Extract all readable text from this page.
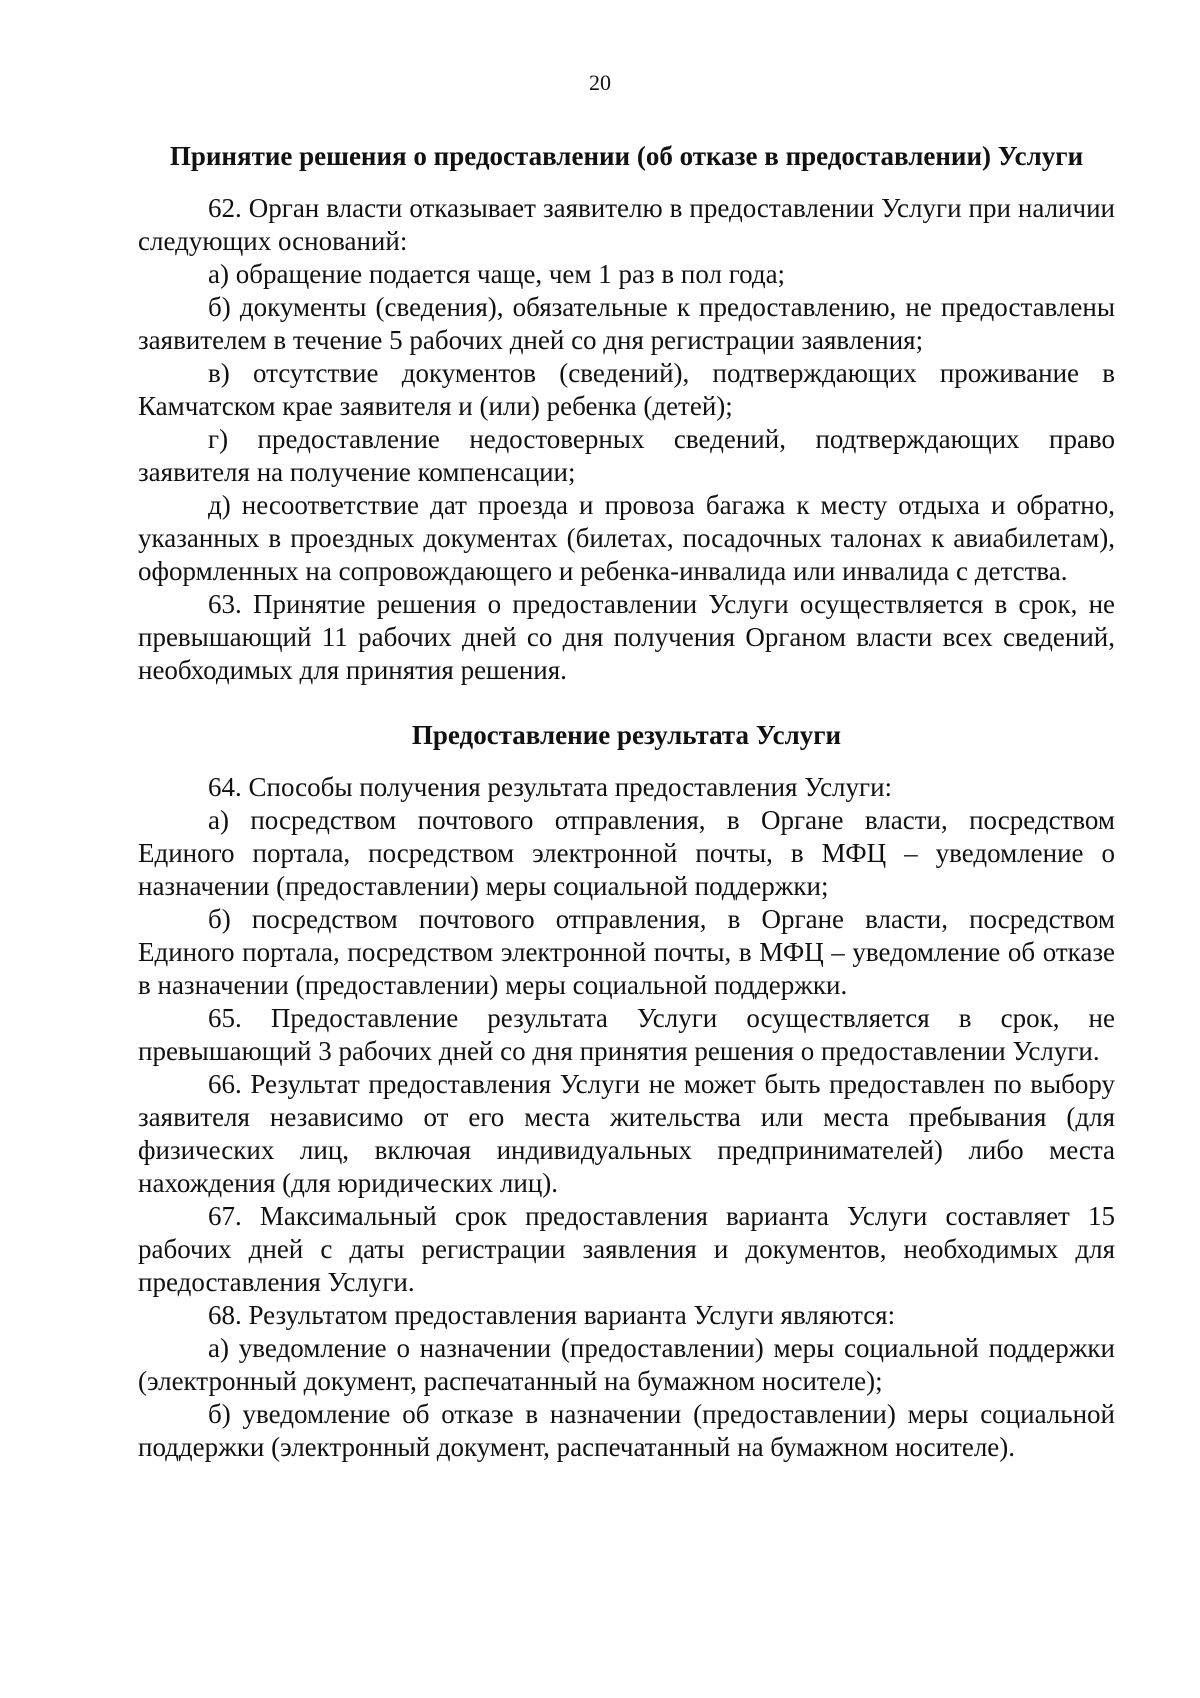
20
Принятие решения о предоставлении (об отказе в предоставлении) Услуги

62. Орган власти отказывает заявителю в предоставлении Услуги при наличии следующих оснований:

а) обращение подается чаще, чем 1 раз в пол года;

б) документы (сведения), обязательные к предоставлению, не предоставлены заявителем в течение 5 рабочих дней со дня регистрации заявления;

в) отсутствие документов (сведений), подтверждающих проживание в Камчатском крае заявителя и (или) ребенка (детей);

г) предоставление недостоверных сведений, подтверждающих право заявителя на получение компенсации;

д) несоответствие дат проезда и провоза багажа к месту отдыха и обратно, указанных в проездных документах (билетах, посадочных талонах к авиабилетам), оформленных на сопровождающего и ребенка-инвалида или инвалида с детства.

63. Принятие решения о предоставлении Услуги осуществляется в срок, не превышающий 11 рабочих дней со дня получения Органом власти всех сведений, необходимых для принятия решения.

Предоставление результата Услуги

64. Способы получения результата предоставления Услуги:

а) посредством почтового отправления, в Органе власти, посредством Единого портала, посредством электронной почты, в МФЦ – уведомление о назначении (предоставлении) меры социальной поддержки;

б) посредством почтового отправления, в Органе власти, посредством Единого портала, посредством электронной почты, в МФЦ – уведомление об отказе в назначении (предоставлении) меры социальной поддержки.

65. Предоставление результата Услуги осуществляется в срок, не превышающий 3 рабочих дней со дня принятия решения о предоставлении Услуги.

66. Результат предоставления Услуги не может быть предоставлен по выбору заявителя независимо от его места жительства или места пребывания (для физических лиц, включая индивидуальных предпринимателей) либо места нахождения (для юридических лиц).

67. Максимальный срок предоставления варианта Услуги составляет 15 рабочих дней с даты регистрации заявления и документов, необходимых для предоставления Услуги.

68. Результатом предоставления варианта Услуги являются:

а) уведомление о назначении (предоставлении) меры социальной поддержки (электронный документ, распечатанный на бумажном носителе);

б) уведомление об отказе в назначении (предоставлении) меры социальной поддержки (электронный документ, распечатанный на бумажном носителе).
